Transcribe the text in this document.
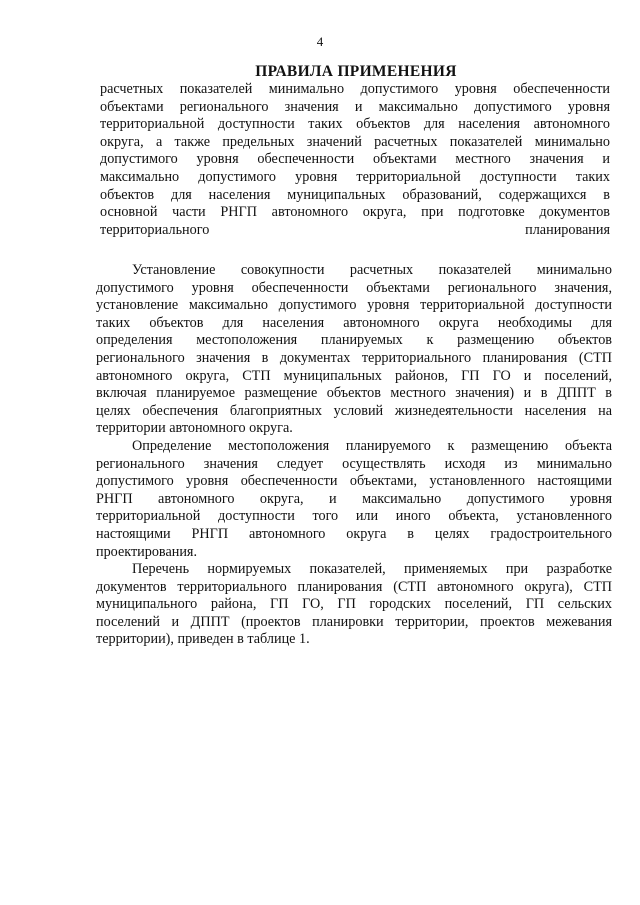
4
ПРАВИЛА ПРИМЕНЕНИЯ
расчетных показателей минимально допустимого уровня обеспеченности
объектами регионального значения и максимально допустимого уровня
территориальной доступности таких объектов для населения автономного
округа, а также предельных значений расчетных показателей минимально
допустимого уровня обеспеченности объектами местного значения и
максимально допустимого уровня территориальной доступности таких
объектов для населения муниципальных образований, содержащихся в
основной части РНГП автономного округа, при подготовке документов
территориального планирования
Установление совокупности расчетных показателей минимально
допустимого уровня обеспеченности объектами регионального значения,
установление максимально допустимого уровня территориальной доступности
таких объектов для населения автономного округа необходимы для
определения местоположения планируемых к размещению объектов
регионального значения в документах территориального планирования (СТП
автономного округа, СТП муниципальных районов, ГП ГО и поселений,
включая планируемое размещение объектов местного значения) и в ДППТ в
целях обеспечения благоприятных условий жизнедеятельности населения на
территории автономного округа.
Определение местоположения планируемого к размещению объекта
регионального значения следует осуществлять исходя из минимально
допустимого уровня обеспеченности объектами, установленного настоящими
РНГП автономного округа, и максимально допустимого уровня
территориальной доступности того или иного объекта, установленного
настоящими РНГП автономного округа в целях градостроительного
проектирования.
Перечень нормируемых показателей, применяемых при разработке
документов территориального планирования (СТП автономного округа), СТП
муниципального района, ГП ГО, ГП городских поселений, ГП сельских
поселений и ДППТ (проектов планировки территории, проектов межевания
территории), приведен в таблице 1.
